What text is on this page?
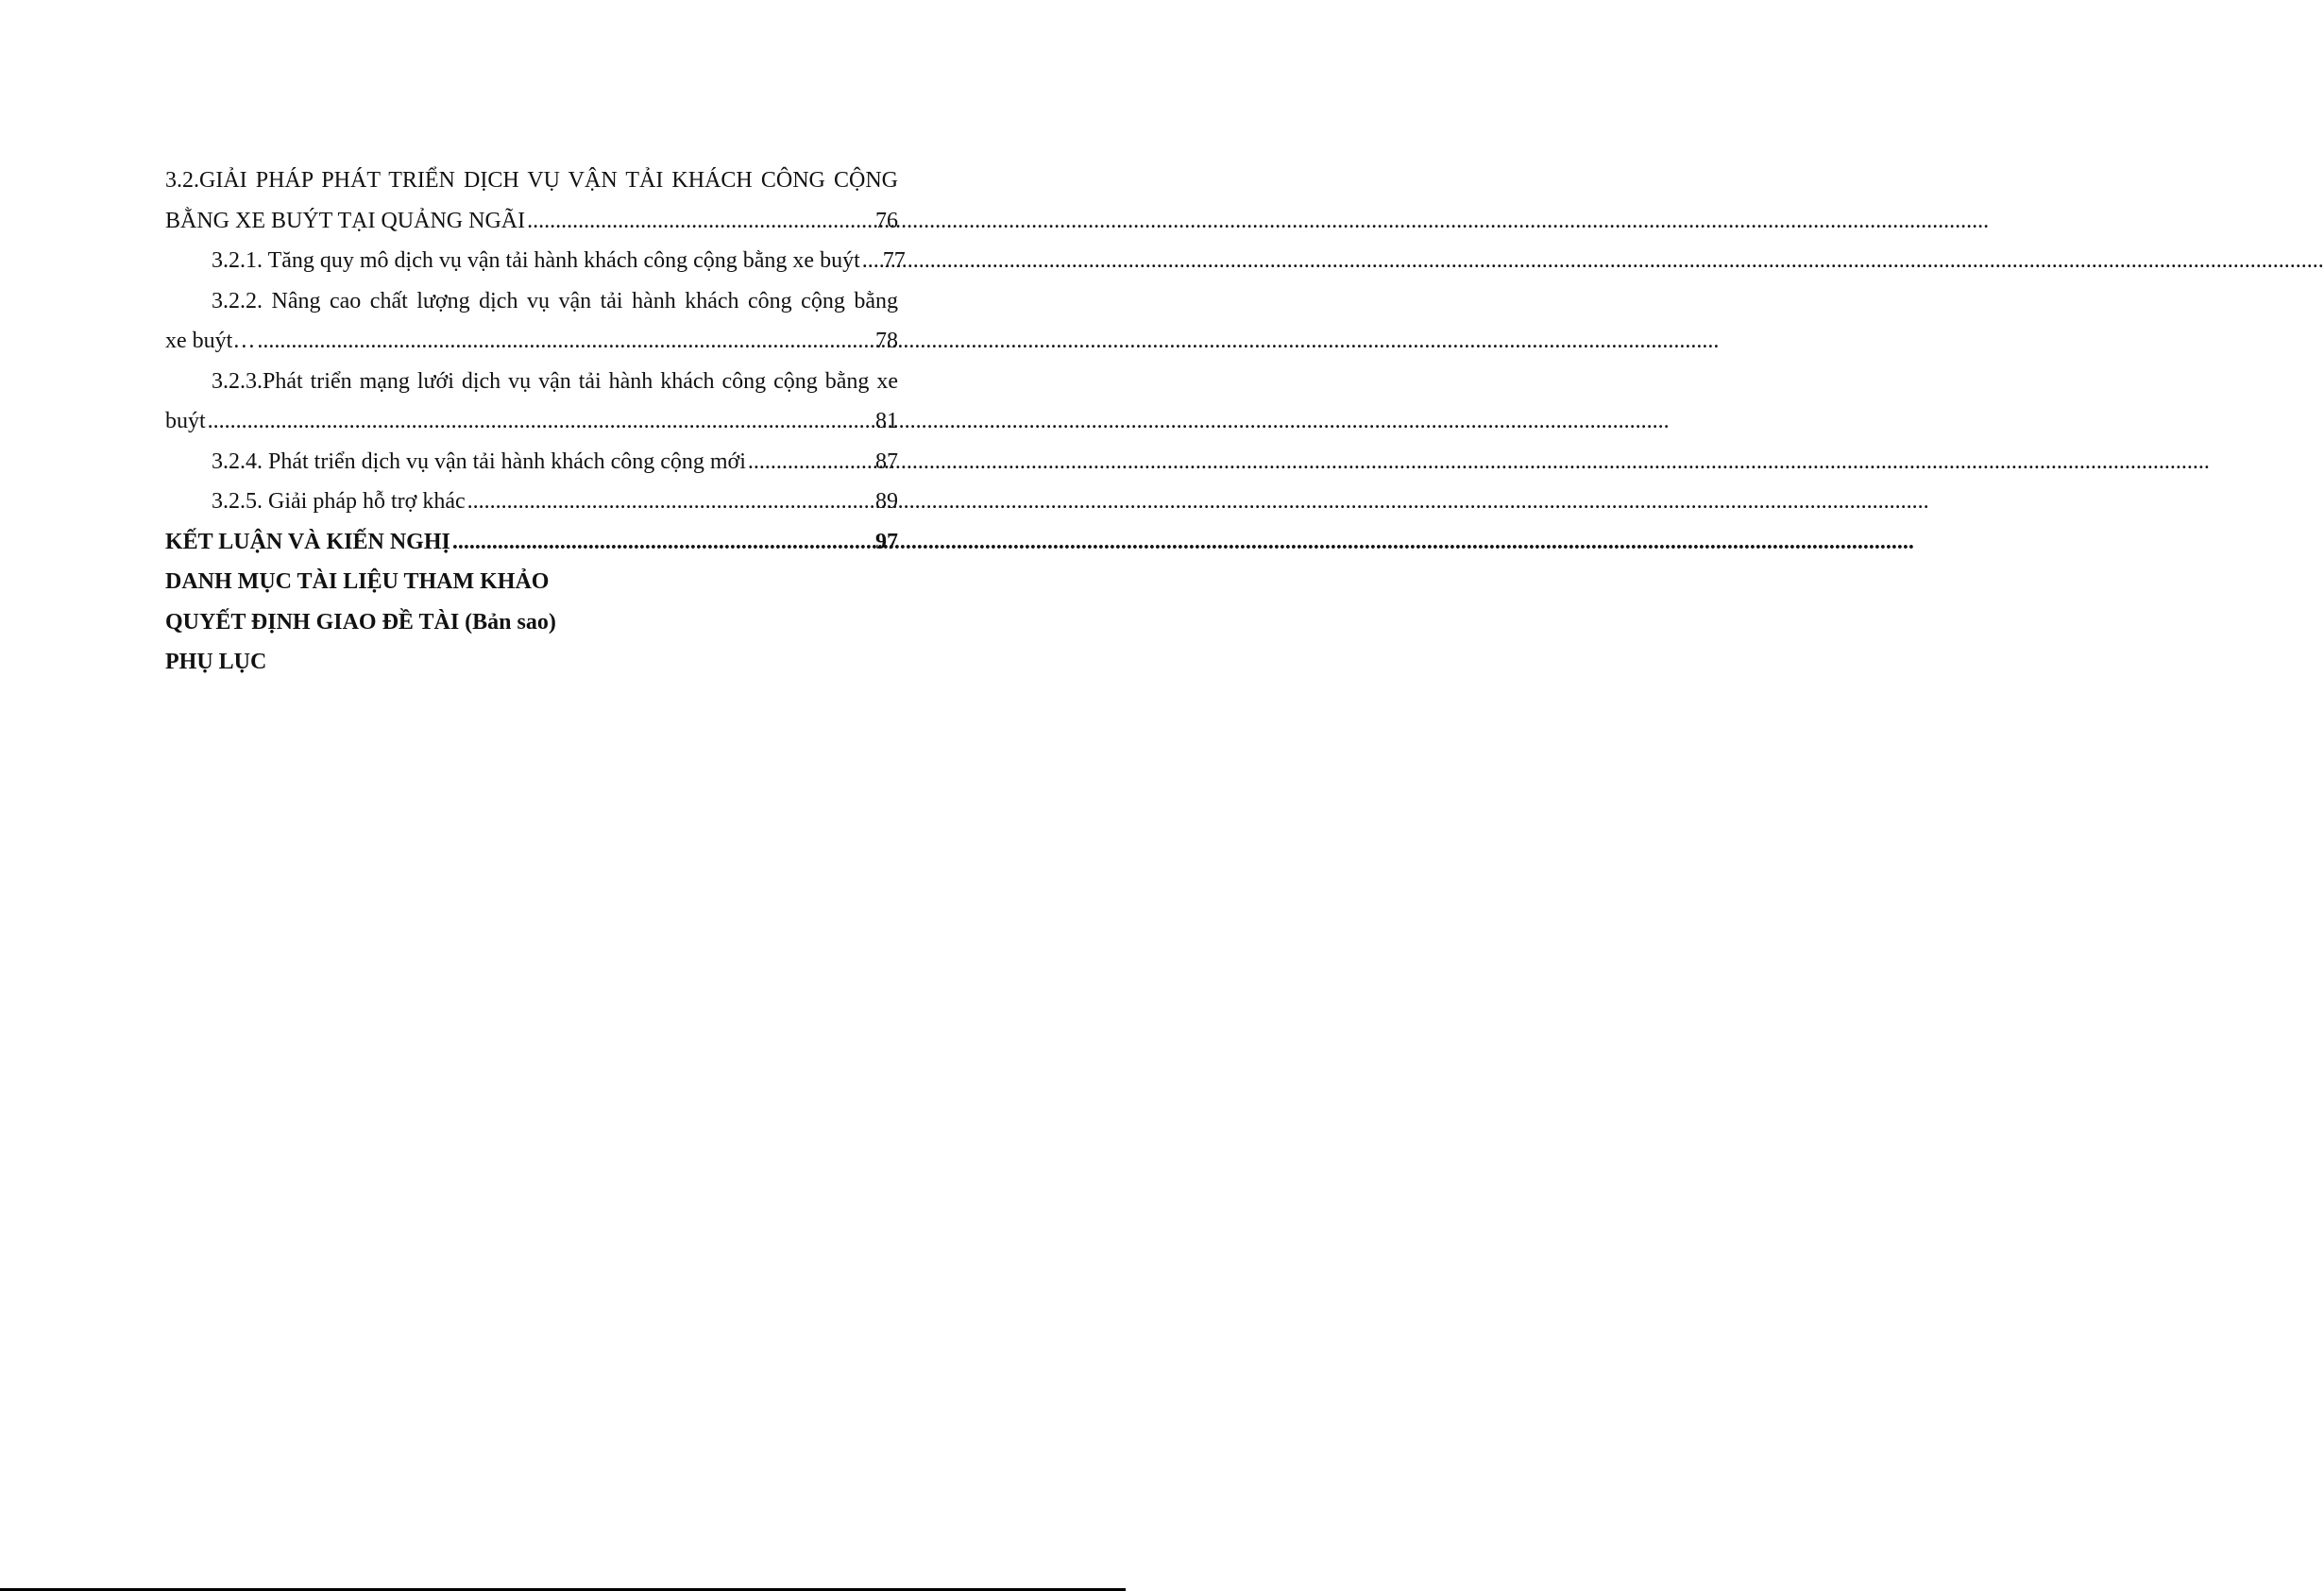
3.2.GIẢI PHÁP PHÁT TRIỂN DỊCH VỤ VẬN TẢI KHÁCH CÔNG CỘNG
BẰNG XE BUÝT TẠI QUẢNG NGÃI .....	76
3.2.1. Tăng quy mô dịch vụ vận tải hành khách công cộng bằng xe buýt ..... 77
3.2.2. Nâng cao chất lượng dịch vụ vận tải hành khách công cộng bằng
xe buýt… .....	78
3.2.3.Phát triển mạng lưới dịch vụ vận tải hành khách công cộng bằng xe
buýt .....	81
3.2.4. Phát triển dịch vụ vận tải hành khách công cộng mới .....	87
3.2.5. Giải pháp hỗ trợ khác .....	89
KẾT LUẬN VÀ KIẾN NGHỊ .....	97
DANH MỤC TÀI LIỆU THAM KHẢO
QUYẾT ĐỊNH GIAO ĐỀ TÀI (Bản sao)
PHỤ LỤC
